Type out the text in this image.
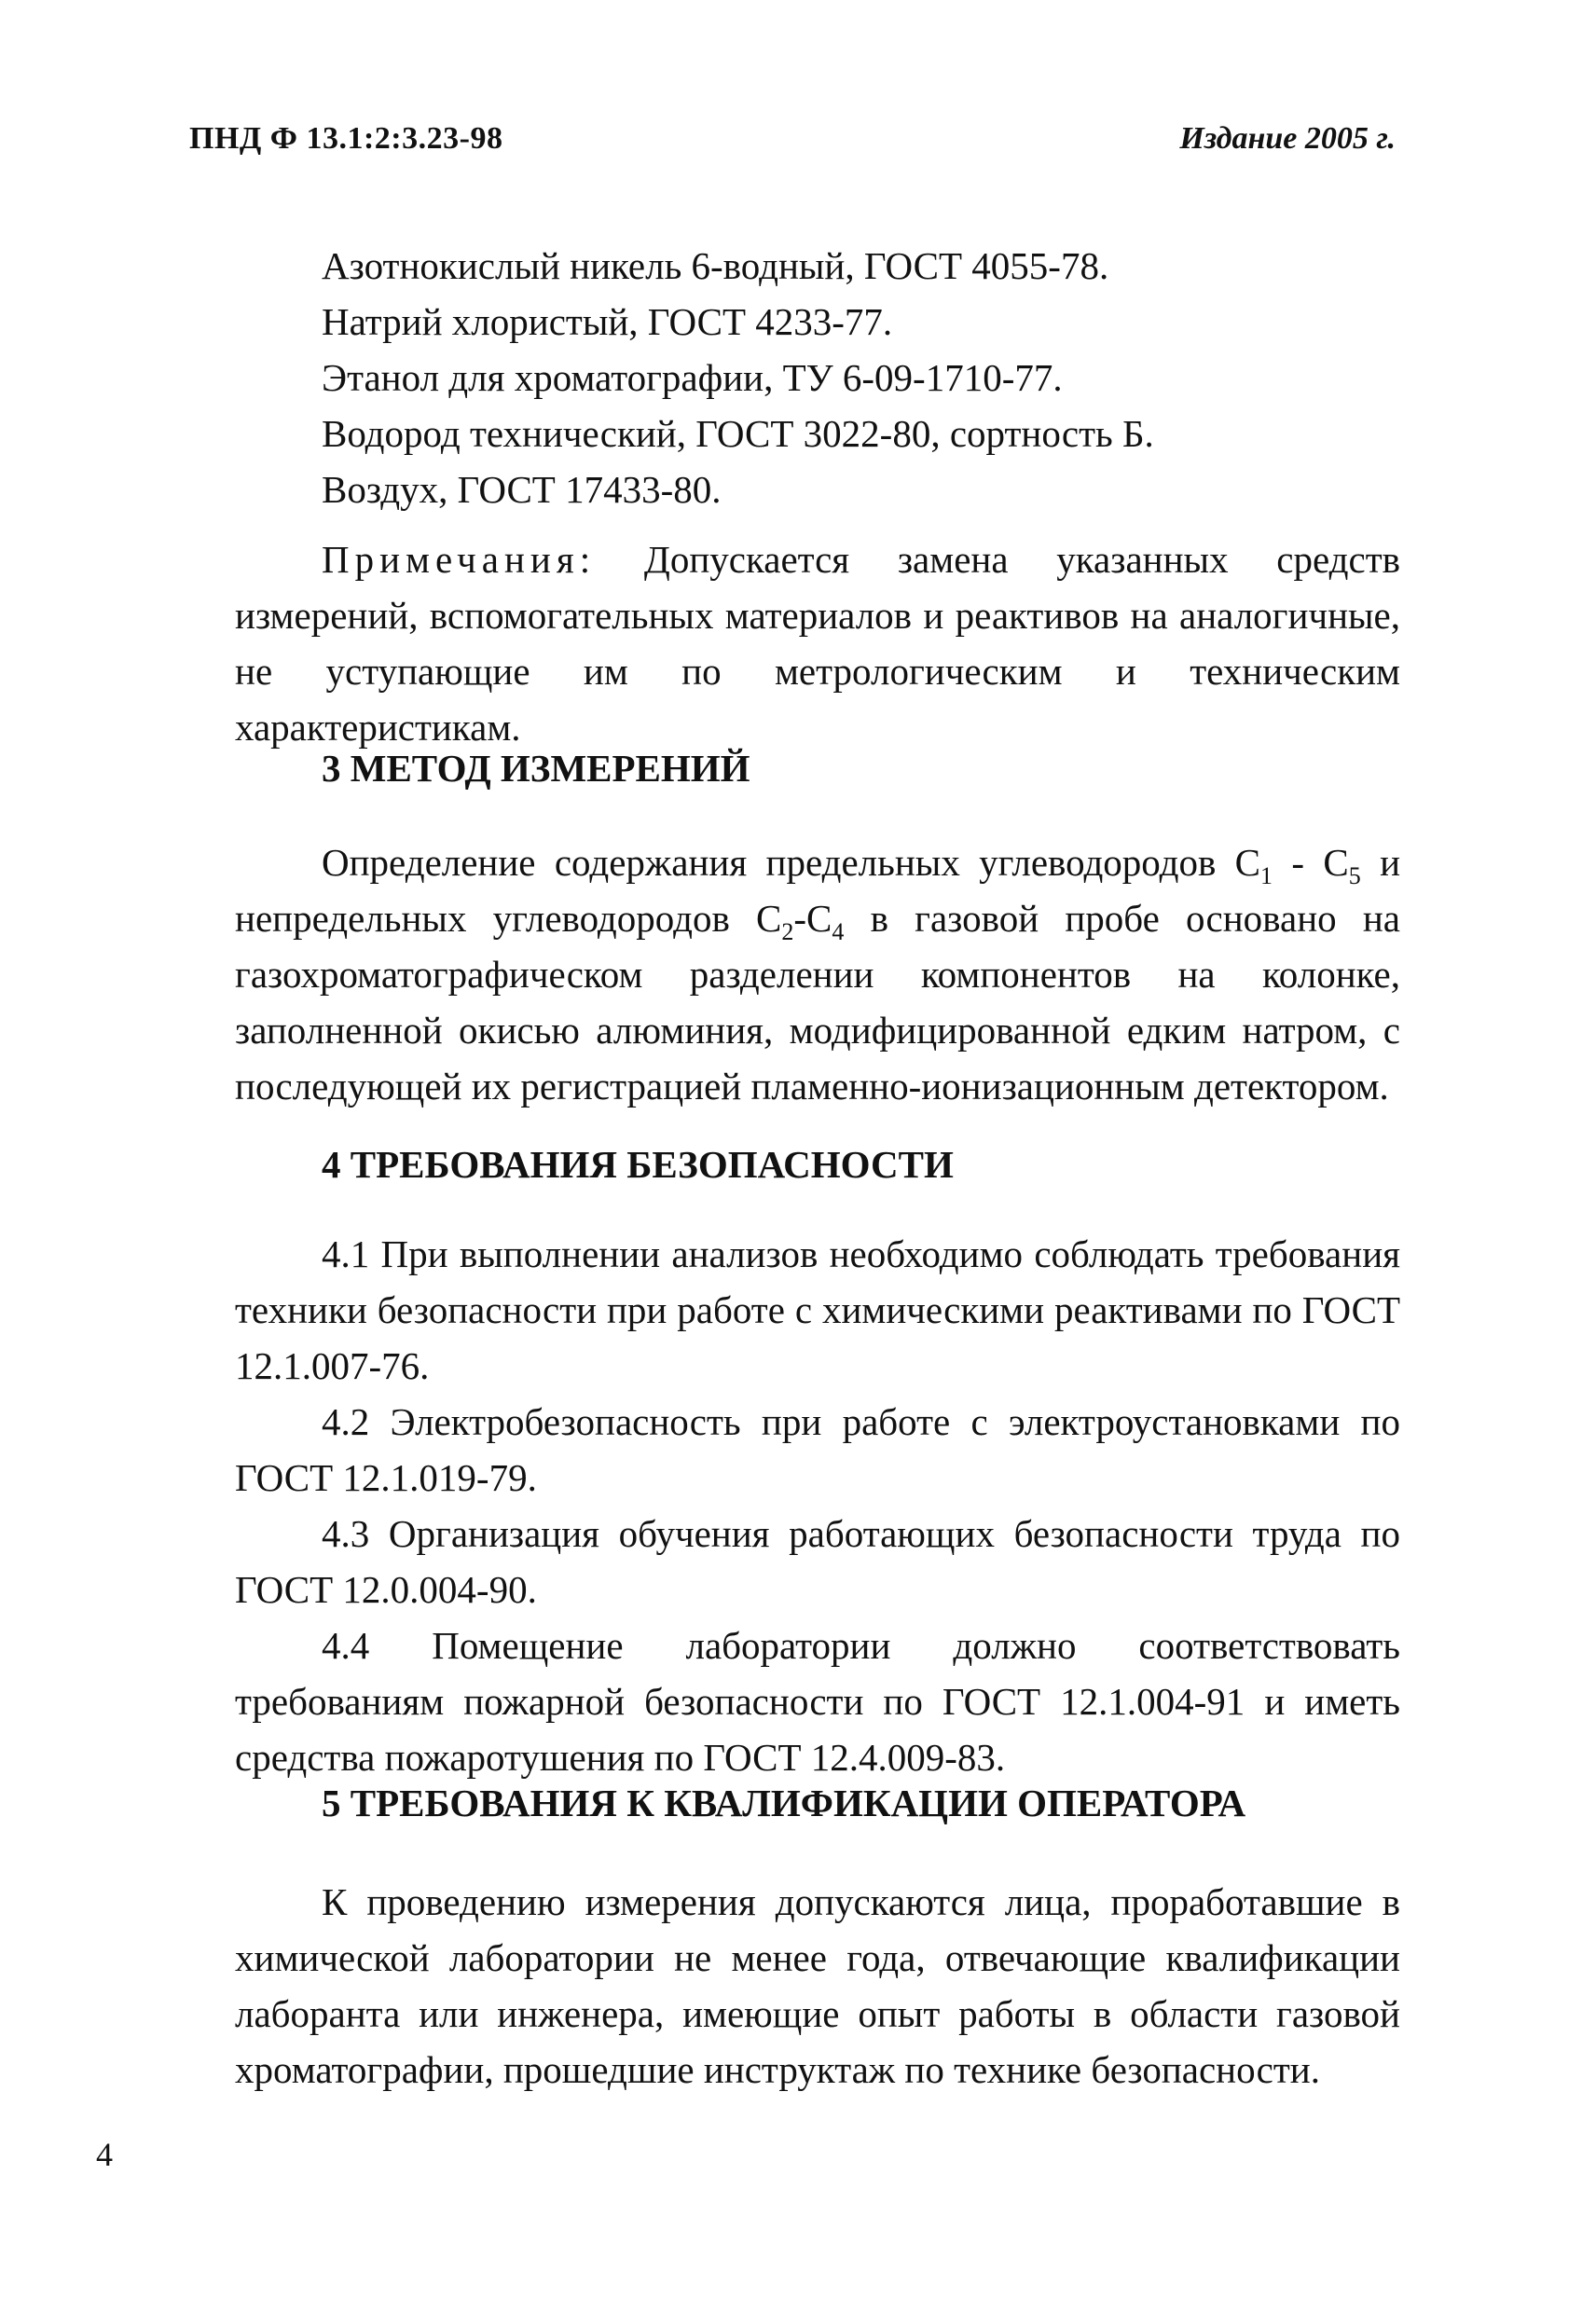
ПНД Ф 13.1:2:3.23-98	Издание 2005 г.
Азотнокислый никель 6-водный, ГОСТ 4055-78.
Натрий хлористый, ГОСТ 4233-77.
Этанол для хроматографии, ТУ 6-09-1710-77.
Водород технический, ГОСТ 3022-80, сортность Б.
Воздух, ГОСТ 17433-80.

Примечания: Допускается замена указанных средств измерений, вспомогательных материалов и реактивов на аналогичные, не уступающие им по метрологическим и техническим характеристикам.

3 МЕТОД ИЗМЕРЕНИЙ

Определение содержания предельных углеводородов $С_1 - С_5$ и непредельных углеводородов $С_2-С_4$ в газовой пробе основано на газохроматографическом разделении компонентов на колонке, заполненной окисью алюминия, модифицированной едким натром, с последующей их регистрацией пламенно-ионизационным детектором.

4 ТРЕБОВАНИЯ БЕЗОПАСНОСТИ

4.1 При выполнении анализов необходимо соблюдать требования техники безопасности при работе с химическими реактивами по ГОСТ 12.1.007-76.

4.2 Электробезопасность при работе с электроустановками по ГОСТ 12.1.019-79.

4.3 Организация обучения работающих безопасности труда по ГОСТ 12.0.004-90.

4.4 Помещение лаборатории должно соответствовать требованиям пожарной безопасности по ГОСТ 12.1.004-91 и иметь средства пожаротушения по ГОСТ 12.4.009-83.

5 ТРЕБОВАНИЯ К КВАЛИФИКАЦИИ ОПЕРАТОРА

К проведению измерения допускаются лица, проработавшие в химической лаборатории не менее года, отвечающие квалификации лаборанта или инженера, имеющие опыт работы в области газовой хроматографии, прошедшие инструктаж по технике безопасности.

4
